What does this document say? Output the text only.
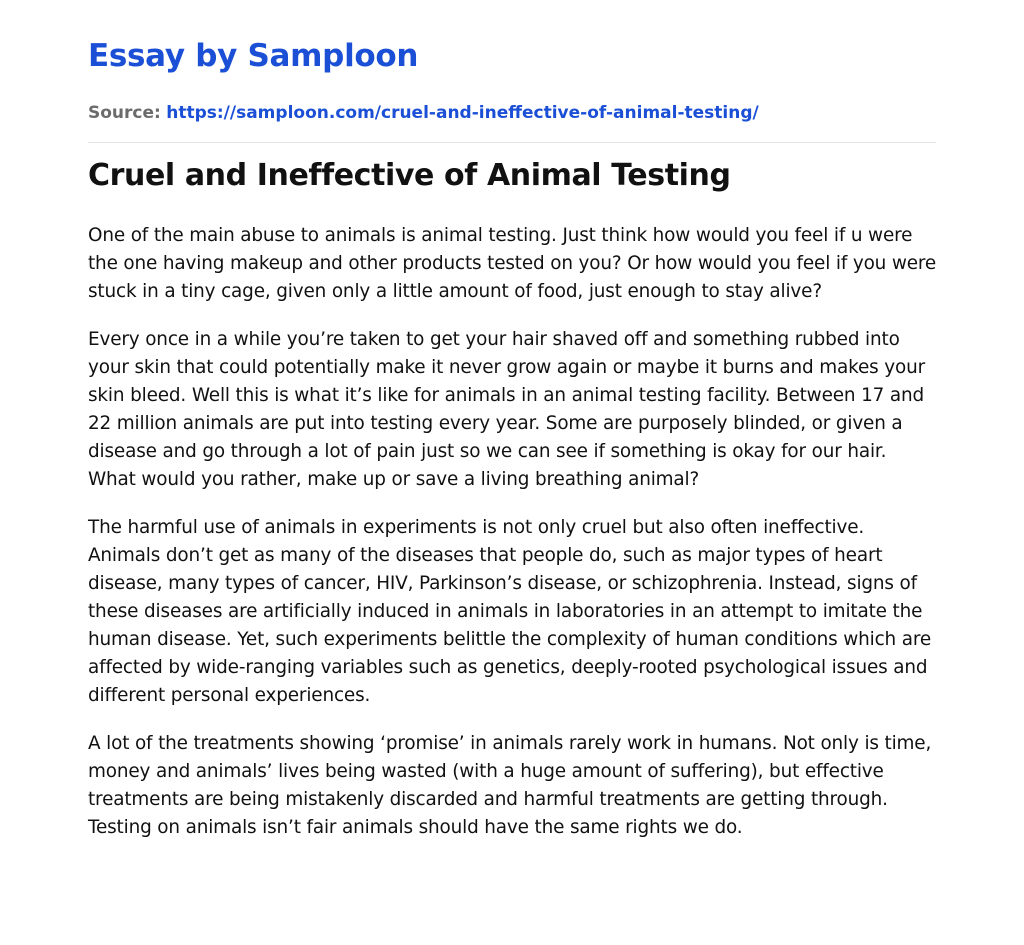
Essay by Samploon

Source: https://samploon.com/cruel-and-ineffective-of-animal-testing/

Cruel and Ineffective of Animal Testing

One of the main abuse to animals is animal testing. Just think how would you feel if u were the one having makeup and other products tested on you? Or how would you feel if you were stuck in a tiny cage, given only a little amount of food, just enough to stay alive?

Every once in a while you’re taken to get your hair shaved off and something rubbed into your skin that could potentially make it never grow again or maybe it burns and makes your skin bleed. Well this is what it’s like for animals in an animal testing facility. Between 17 and 22 million animals are put into testing every year. Some are purposely blinded, or given a disease and go through a lot of pain just so we can see if something is okay for our hair. What would you rather, make up or save a living breathing animal?

The harmful use of animals in experiments is not only cruel but also often ineffective. Animals don’t get as many of the diseases that people do, such as major types of heart disease, many types of cancer, HIV, Parkinson’s disease, or schizophrenia. Instead, signs of these diseases are artificially induced in animals in laboratories in an attempt to imitate the human disease. Yet, such experiments belittle the complexity of human conditions which are affected by wide-ranging variables such as genetics, deeply-rooted psychological issues and different personal experiences.

A lot of the treatments showing ‘promise’ in animals rarely work in humans. Not only is time, money and animals’ lives being wasted (with a huge amount of suffering), but effective treatments are being mistakenly discarded and harmful treatments are getting through. Testing on animals isn’t fair animals should have the same rights we do.
